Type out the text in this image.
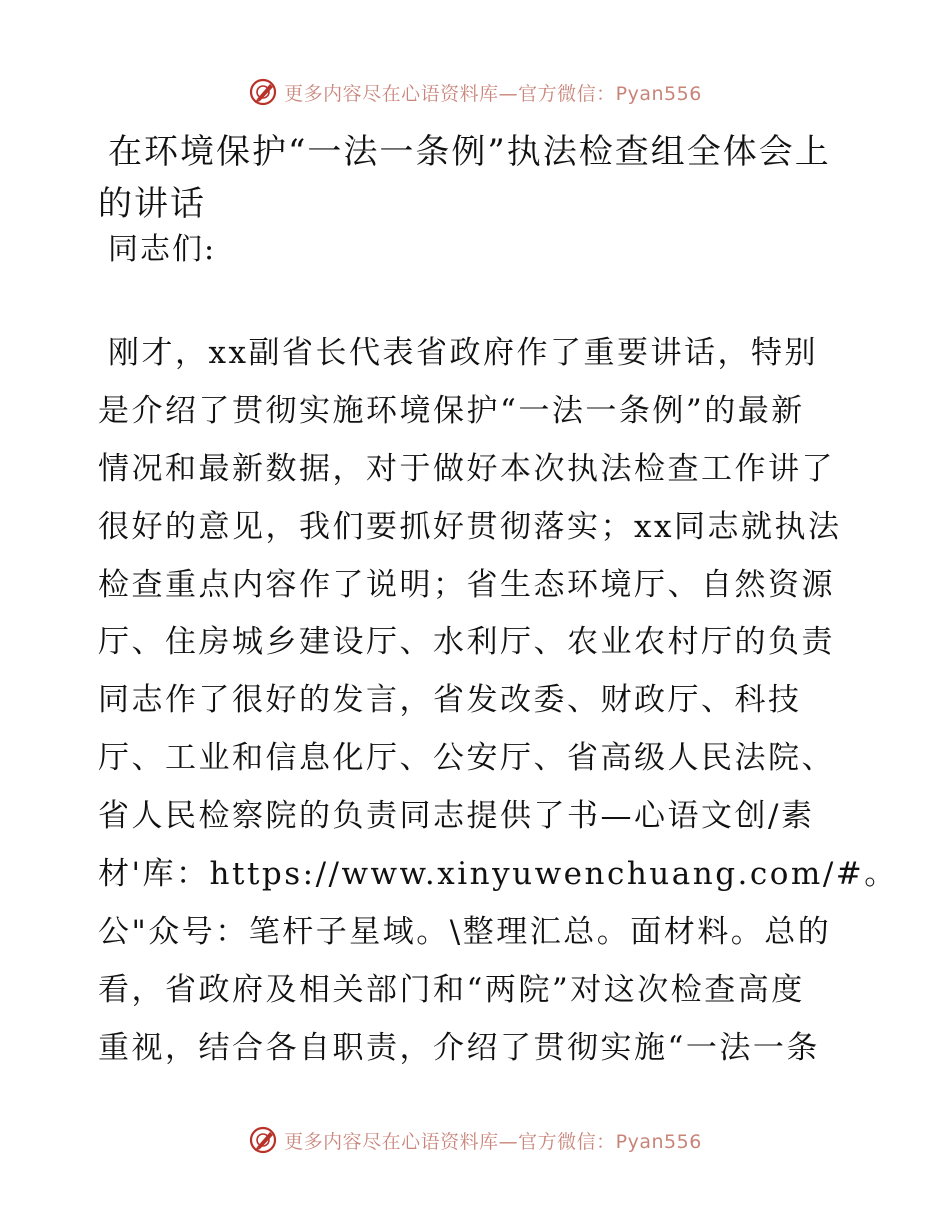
更多内容尽在心语资料库—官方微信：Pyan556
在环境保护“一法一条例”执法检查组全体会上
的讲话
同志们:
刚才，xx副省长代表省政府作了重要讲话，特别
是介绍了贯彻实施环境保护“一法一条例”的最新
情况和最新数据，对于做好本次执法检查工作讲了
很好的意见，我们要抓好贯彻落实；xx同志就执法
检查重点内容作了说明；省生态环境厅、自然资源
厅、住房城乡建设厅、水利厅、农业农村厅的负责
同志作了很好的发言，省发改委、财政厅、科技
厅、工业和信息化厅、公安厅、省高级人民法院、
省人民检察院的负责同志提供了书—心语文创/素
材'库：https://www.xinyuwenchuang.com/#。
公"众号：笔杆子星域。\整理汇总。面材料。总的
看，省政府及相关部门和“两院”对这次检查高度
重视，结合各自职责，介绍了贯彻实施“一法一条
更多内容尽在心语资料库—官方微信：Pyan556
